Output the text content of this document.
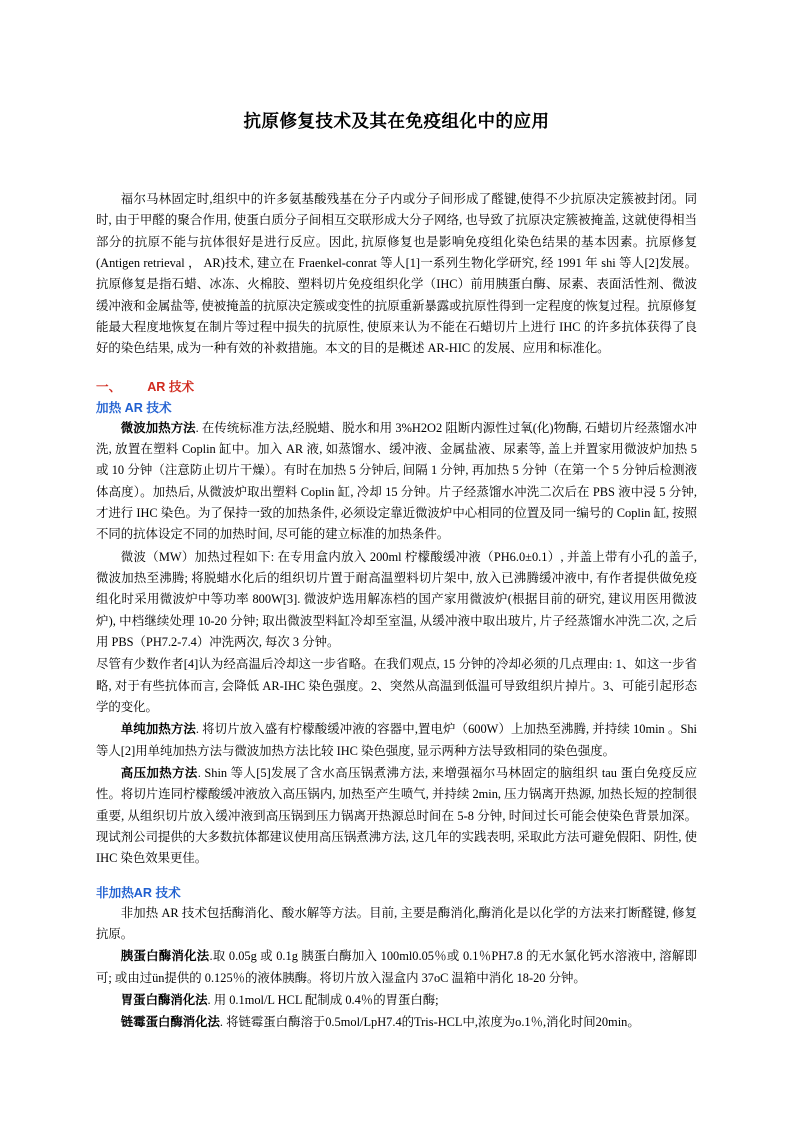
抗原修复技术及其在免疫组化中的应用

福尔马林固定时,组织中的许多氨基酸残基在分子内或分子间形成了醛键,使得不少抗原决定簇被封闭。同时, 由于甲醛的聚合作用, 使蛋白质分子间相互交联形成大分子网络, 也导致了抗原决定簇被掩盖, 这就使得相当部分的抗原不能与抗体很好是进行反应。因此, 抗原修复也是影响免疫组化染色结果的基本因素。抗原修复(Antigen retrieval ， AR)技术, 建立在 Fraenkel-conrat 等人[1]一系列生物化学研究, 经 1991 年 shi 等人[2]发展。抗原修复是指石蜡、冰冻、火棉胶、塑料切片免疫组织化学（IHC）前用胰蛋白酶、尿素、表面活性剂、微波缓冲液和金属盐等, 使被掩盖的抗原决定簇或变性的抗原重新暴露或抗原性得到一定程度的恢复过程。抗原修复能最大程度地恢复在制片等过程中损失的抗原性, 使原来认为不能在石蜡切片上进行 IHC 的许多抗体获得了良好的染色结果, 成为一种有效的补救措施。本文的目的是概述 AR-HIC 的发展、应用和标准化。

一、 AR 技术
加热 AR 技术

微波加热方法. 在传统标准方法,经脱蜡、脱水和用 3%H2O2 阻断内源性过氧(化)物酶, 石蜡切片经蒸馏水冲洗, 放置在塑料 Coplin 缸中。加入 AR 液, 如蒸馏水、缓冲液、金属盐液、尿素等, 盖上并置家用微波炉加热 5 或 10 分钟（注意防止切片干燥）。有时在加热 5 分钟后, 间隔 1 分钟, 再加热 5 分钟（在第一个 5 分钟后检测液体高度）。加热后, 从微波炉取出塑料 Coplin 缸, 冷却 15 分钟。片子经蒸馏水冲洗二次后在 PBS 液中浸 5 分钟, 才进行 IHC 染色。为了保持一致的加热条件, 必须设定靠近微波炉中心相同的位置及同一编号的 Coplin 缸, 按照不同的抗体设定不同的加热时间, 尽可能的建立标准的加热条件。

微波（MW）加热过程如下: 在专用盒内放入 200ml 柠檬酸缓冲液（PH6.0±0.1）, 并盖上带有小孔的盖子, 微波加热至沸腾; 将脱蜡水化后的组织切片置于耐高温塑料切片架中, 放入已沸腾缓冲液中, 有作者提供做免疫组化时采用微波炉中等功率 800W[3]. 微波炉选用解冻档的国产家用微波炉(根据目前的研究, 建议用医用微波炉), 中档继续处理 10-20 分钟; 取出微波型料缸冷却至室温, 从缓冲液中取出玻片, 片子经蒸馏水冲洗二次, 之后用 PBS（PH7.2-7.4）冲洗两次, 每次 3 分钟。

尽管有少数作者[4]认为经高温后冷却这一步省略。在我们观点, 15 分钟的冷却必须的几点理由: 1、如这一步省略, 对于有些抗体而言, 会降低 AR-IHC 染色强度。2、突然从高温到低温可导致组织片掉片。3、可能引起形态学的变化。

单纯加热方法. 将切片放入盛有柠檬酸缓冲液的容器中,置电炉（600W）上加热至沸腾, 并持续 10min 。Shi 等人[2]用单纯加热方法与微波加热方法比较 IHC 染色强度, 显示两种方法导致相同的染色强度。

高压加热方法. Shin 等人[5]发展了含水高压锅煮沸方法, 来增强福尔马林固定的脑组织 tau 蛋白免疫反应性。将切片连同柠檬酸缓冲液放入高压锅内, 加热至产生喷气, 并持续 2min, 压力锅离开热源, 加热长短的控制很重要, 从组织切片放入缓冲液到高压锅到压力锅离开热源总时间在 5-8 分钟, 时间过长可能会使染色背景加深。现试剂公司提供的大多数抗体都建议使用高压锅煮沸方法, 这几年的实践表明, 采取此方法可避免假阳、阴性, 使 IHC 染色效果更佳。

非加热AR 技术

非加热 AR 技术包括酶消化、酸水解等方法。目前, 主要是酶消化,酶消化是以化学的方法来打断醛键, 修复抗原。

胰蛋白酶消化法.取 0.05g 或 0.1g 胰蛋白酶加入 100ml0.05％或 0.1％PH7.8 的无水氯化钙水溶液中, 溶解即可; 或由过ün提供的 0.125％的液体胰酶。将切片放入湿盒内 37oC 温箱中消化 18-20 分钟。

胃蛋白酶消化法. 用 0.1mol/L HCL 配制成 0.4％的胃蛋白酶;

链霉蛋白酶消化法. 将链霉蛋白酶溶于0.5mol/LpH7.4的Tris-HCL中,浓度为o.1％,消化时间20min。
